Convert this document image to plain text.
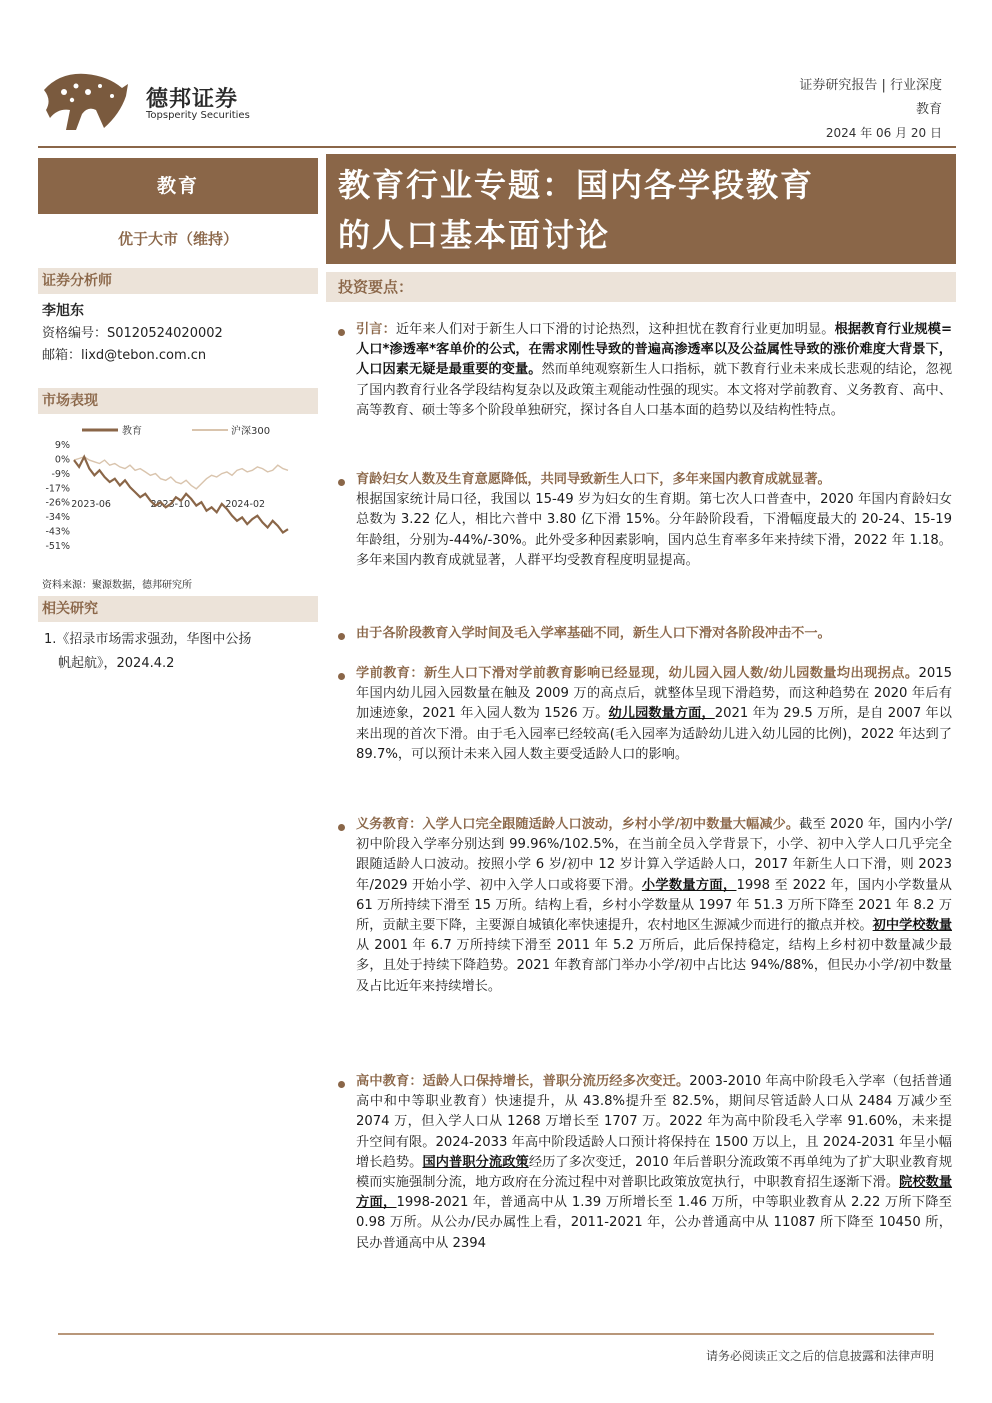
德邦证券
Topsperity Securities
证券研究报告 | 行业深度
教育
2024 年 06 月 20 日
教育
优于大市（维持）
证券分析师
李旭东
资格编号：S0120524020002
邮箱：lixd@tebon.com.cn
市场表现
教育	沪深300
9%
0%
-9%
-17%
-26%
-34%
-43%
-51%
2023-06	2023-10	2024-02
资料来源：聚源数据，德邦研究所
相关研究
1.《招录市场需求强劲，华图中公扬
帆起航》，2024.4.2
教育行业专题：国内各学段教育
的人口基本面讨论
投资要点：
引言：近年来人们对于新生人口下滑的讨论热烈，这种担忧在教育行业更加明显。根据教育行业规模=人口*渗透率*客单价的公式，在需求刚性导致的普遍高渗透率以及公益属性导致的涨价难度大背景下，人口因素无疑是最重要的变量。然而单纯观察新生人口指标，就下教育行业未来成长悲观的结论，忽视了国内教育行业各学段结构复杂以及政策主观能动性强的现实。本文将对学前教育、义务教育、高中、高等教育、硕士等多个阶段单独研究，探讨各自人口基本面的趋势以及结构性特点。
育龄妇女人数及生育意愿降低，共同导致新生人口下，多年来国内教育成就显著。
根据国家统计局口径，我国以 15-49 岁为妇女的生育期。第七次人口普查中，2020 年国内育龄妇女总数为 3.22 亿人，相比六普中 3.80 亿下滑 15%。分年龄阶段看，下滑幅度最大的 20-24、15-19 年龄组，分别为-44%/-30%。此外受多种因素影响，国内总生育率多年来持续下滑，2022 年 1.18。多年来国内教育成就显著，人群平均受教育程度明显提高。
由于各阶段教育入学时间及毛入学率基础不同，新生人口下滑对各阶段冲击不一。
学前教育：新生人口下滑对学前教育影响已经显现，幼儿园入园人数/幼儿园数量均出现拐点。2015 年国内幼儿园入园数量在触及 2009 万的高点后，就整体呈现下滑趋势，而这种趋势在 2020 年后有加速迹象，2021 年入园人数为 1526 万。幼儿园数量方面，2021 年为 29.5 万所，是自 2007 年以来出现的首次下滑。由于毛入园率已经较高(毛入园率为适龄幼儿进入幼儿园的比例)，2022 年达到了 89.7%，可以预计未来入园人数主要受适龄人口的影响。
义务教育：入学人口完全跟随适龄人口波动，乡村小学/初中数量大幅减少。截至 2020 年，国内小学/初中阶段入学率分别达到 99.96%/102.5%，在当前全员入学背景下，小学、初中入学人口几乎完全跟随适龄人口波动。按照小学 6 岁/初中 12 岁计算入学适龄人口，2017 年新生人口下滑，则 2023 年/2029 开始小学、初中入学人口或将要下滑。小学数量方面，1998 至 2022 年，国内小学数量从 61 万所持续下滑至 15 万所。结构上看，乡村小学数量从 1997 年 51.3 万所下降至 2021 年 8.2 万所，贡献主要下降，主要源自城镇化率快速提升，农村地区生源减少而进行的撤点并校。初中学校数量从 2001 年 6.7 万所持续下滑至 2011 年 5.2 万所后，此后保持稳定，结构上乡村初中数量减少最多，且处于持续下降趋势。2021 年教育部门举办小学/初中占比达 94%/88%，但民办小学/初中数量及占比近年来持续增长。
高中教育：适龄人口保持增长，普职分流历经多次变迁。2003-2010 年高中阶段毛入学率（包括普通高中和中等职业教育）快速提升，从 43.8%提升至 82.5%，期间尽管适龄人口从 2484 万减少至 2074 万，但入学人口从 1268 万增长至 1707 万。2022 年为高中阶段毛入学率 91.60%，未来提升空间有限。2024-2033 年高中阶段适龄人口预计将保持在 1500 万以上，且 2024-2031 年呈小幅增长趋势。国内普职分流政策经历了多次变迁，2010 年后普职分流政策不再单纯为了扩大职业教育规模而实施强制分流，地方政府在分流过程中对普职比政策放宽执行，中职教育招生逐渐下滑。院校数量方面，1998-2021 年，普通高中从 1.39 万所增长至 1.46 万所，中等职业教育从 2.22 万所下降至 0.98 万所。从公办/民办属性上看，2011-2021 年，公办普通高中从 11087 所下降至 10450 所，民办普通高中从 2394
请务必阅读正文之后的信息披露和法律声明
